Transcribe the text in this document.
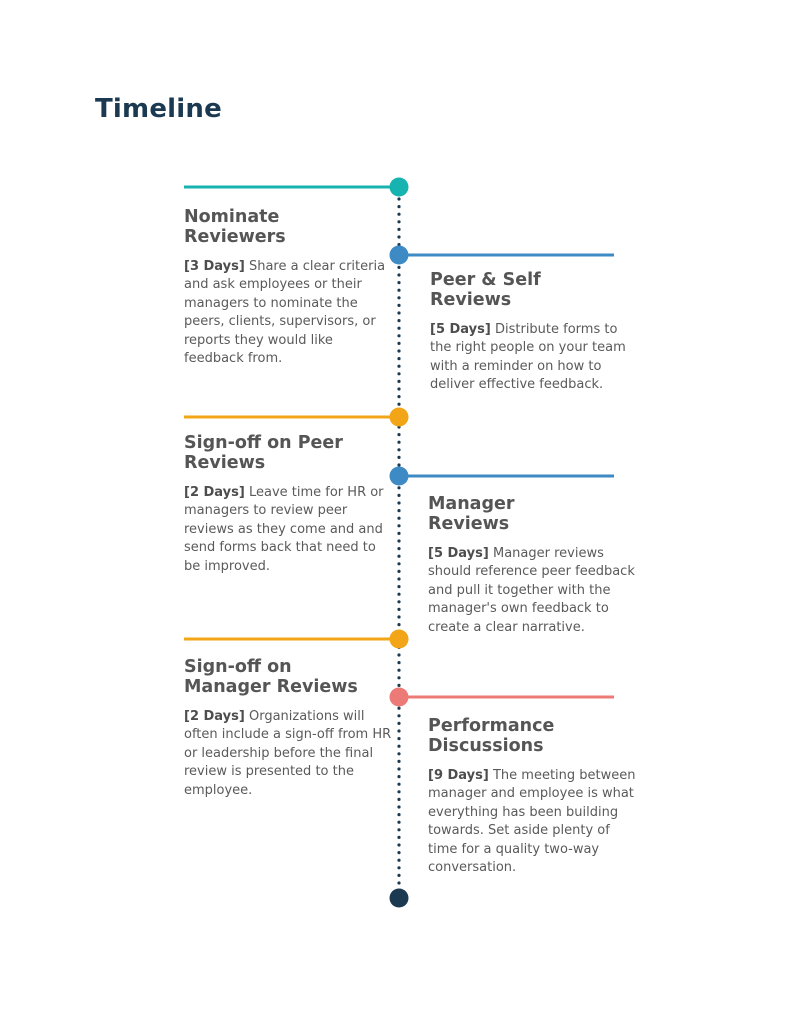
Timeline
Nominate
Reviewers

[3 Days] Share a clear criteria and ask employees or their managers to nominate the peers, clients, supervisors, or reports they would like feedback from.

Peer & Self
Reviews

[5 Days] Distribute forms to the right people on your team with a reminder on how to deliver effective feedback.

Sign-off on Peer
Reviews

[2 Days] Leave time for HR or managers to review peer reviews as they come and and send forms back that need to be improved.

Manager
Reviews

[5 Days] Manager reviews should reference peer feedback and pull it together with the manager's own feedback to create a clear narrative.

Sign-off on
Manager Reviews

[2 Days] Organizations will often include a sign-off from HR or leadership before the final review is presented to the employee.

Performance
Discussions

[9 Days] The meeting between manager and employee is what everything has been building towards. Set aside plenty of time for a quality two-way conversation.
